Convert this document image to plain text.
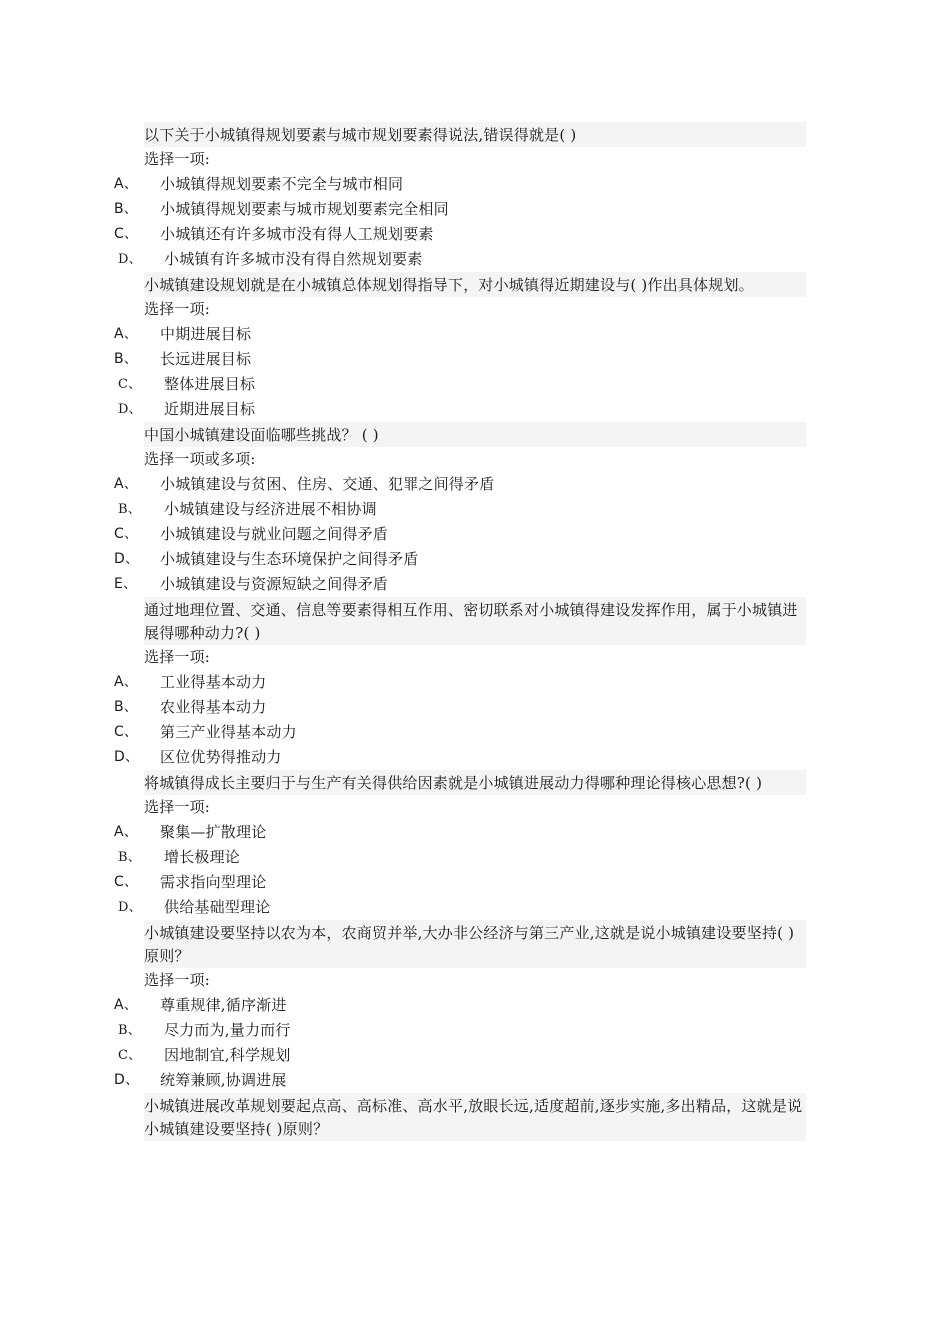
以下关于小城镇得规划要素与城市规划要素得说法,错误得就是( )
选择一项:
A、 小城镇得规划要素不完全与城市相同
B、 小城镇得规划要素与城市规划要素完全相同
C、 小城镇还有许多城市没有得人工规划要素
D、 小城镇有许多城市没有得自然规划要素
小城镇建设规划就是在小城镇总体规划得指导下，对小城镇得近期建设与( )作出具体规划。
选择一项:
A、 中期进展目标
B、 长远进展目标
C、 整体进展目标
D、 近期进展目标
中国小城镇建设面临哪些挑战？ ( )
选择一项或多项:
A、 小城镇建设与贫困、住房、交通、犯罪之间得矛盾
B、 小城镇建设与经济进展不相协调
C、 小城镇建设与就业问题之间得矛盾
D、 小城镇建设与生态环境保护之间得矛盾
E、 小城镇建设与资源短缺之间得矛盾
通过地理位置、交通、信息等要素得相互作用、密切联系对小城镇得建设发挥作用，属于小城镇进展得哪种动力?( )
选择一项:
A、 工业得基本动力
B、 农业得基本动力
C、 第三产业得基本动力
D、 区位优势得推动力
将城镇得成长主要归于与生产有关得供给因素就是小城镇进展动力得哪种理论得核心思想?( )
选择一项:
A、 聚集—扩散理论
B、 增长极理论
C、 需求指向型理论
D、 供给基础型理论
小城镇建设要坚持以农为本，农商贸并举,大办非公经济与第三产业,这就是说小城镇建设要坚持( ) 原则？
选择一项:
A、 尊重规律,循序渐进
B、 尽力而为,量力而行
C、 因地制宜,科学规划
D、 统筹兼顾,协调进展
小城镇进展改革规划要起点高、高标准、高水平,放眼长远,适度超前,逐步实施,多出精品，这就是说小城镇建设要坚持( )原则？
